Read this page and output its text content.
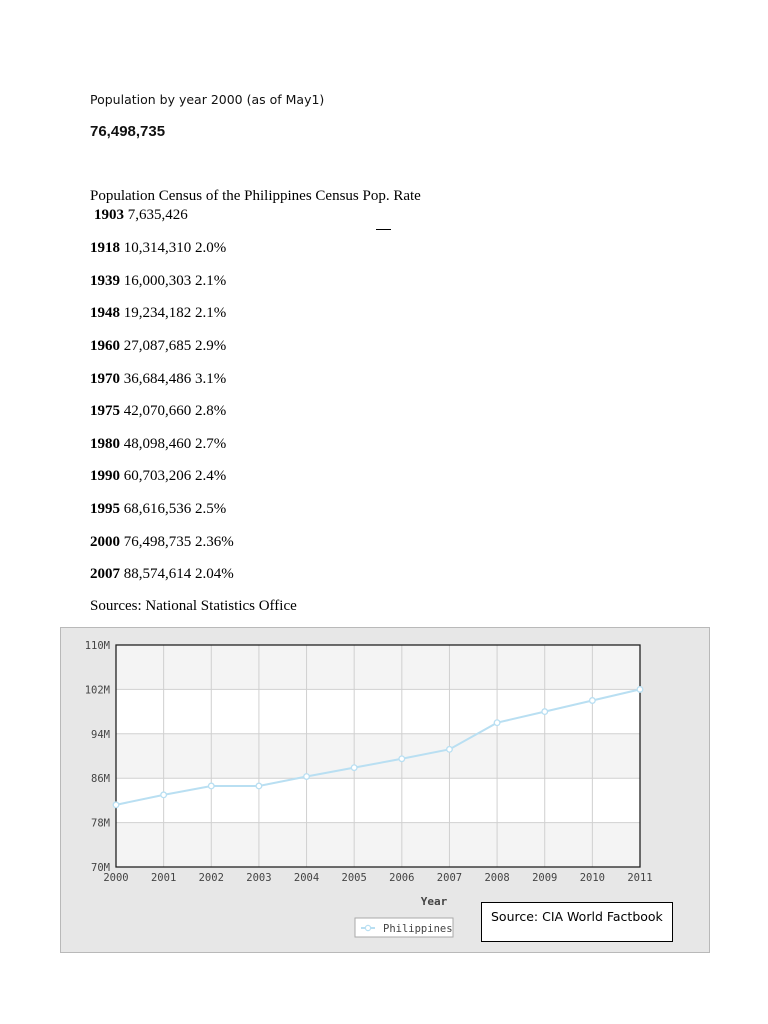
Population by year 2000 (as of May1)
76,498,735
Population Census of the Philippines Census Pop. Rate
1903 7,635,426
1918 10,314,310 2.0%
1939 16,000,303 2.1%
1948 19,234,182 2.1%
1960 27,087,685 2.9%
1970 36,684,486 3.1%
1975 42,070,660 2.8%
1980 48,098,460 2.7%
1990 60,703,206 2.4%
1995 68,616,536 2.5%
2000 76,498,735 2.36%
2007 88,574,614 2.04%
Sources: National Statistics Office
70M
78M
86M
94M
102M
110M
2000 2001 2002 2003 2004 2005 2006 2007 2008 2009 2010 2011
Year
Philippines
Source: CIA World Factbook
